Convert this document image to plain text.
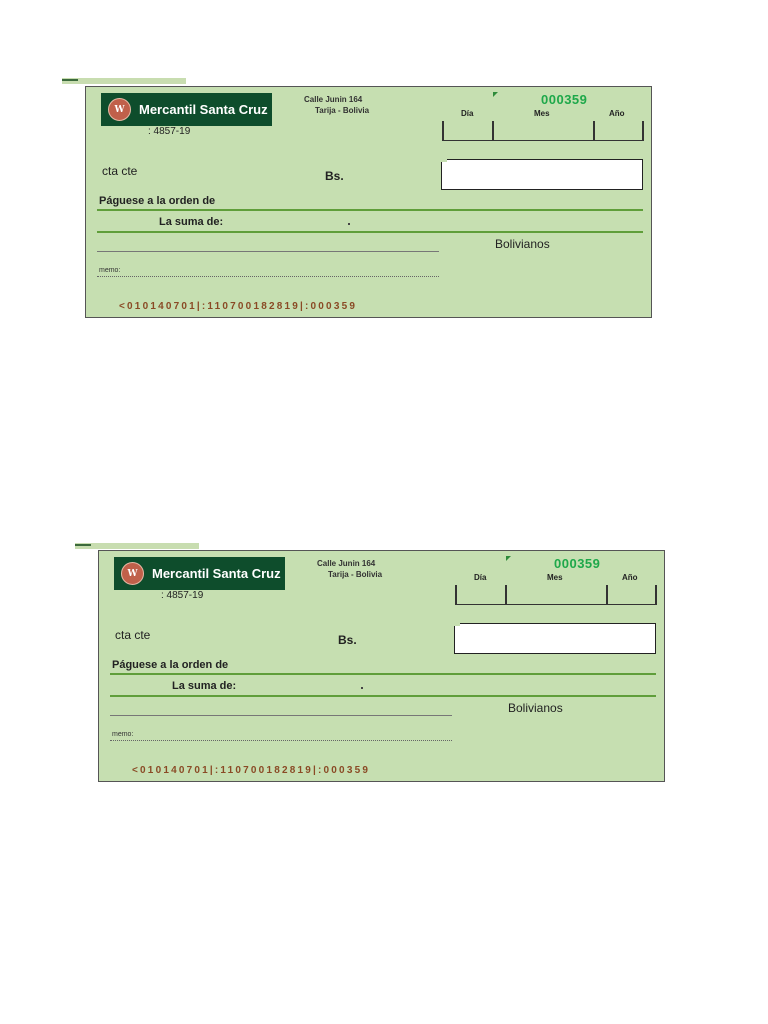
W	Mercantil Santa Cruz
: 4857-19
Calle Junin 164
Tarija - Bolivia
000359
Día	Mes	Año
cta cte	Bs.
Páguese a la orden de
La suma de:
Bolivianos
memo:
<010140701|:110700182819|:000359
W	Mercantil Santa Cruz
: 4857-19
Calle Junin 164
Tarija - Bolivia
000359
Día	Mes	Año
cta cte	Bs.
Páguese a la orden de
La suma de:
Bolivianos
memo:
<010140701|:110700182819|:000359
